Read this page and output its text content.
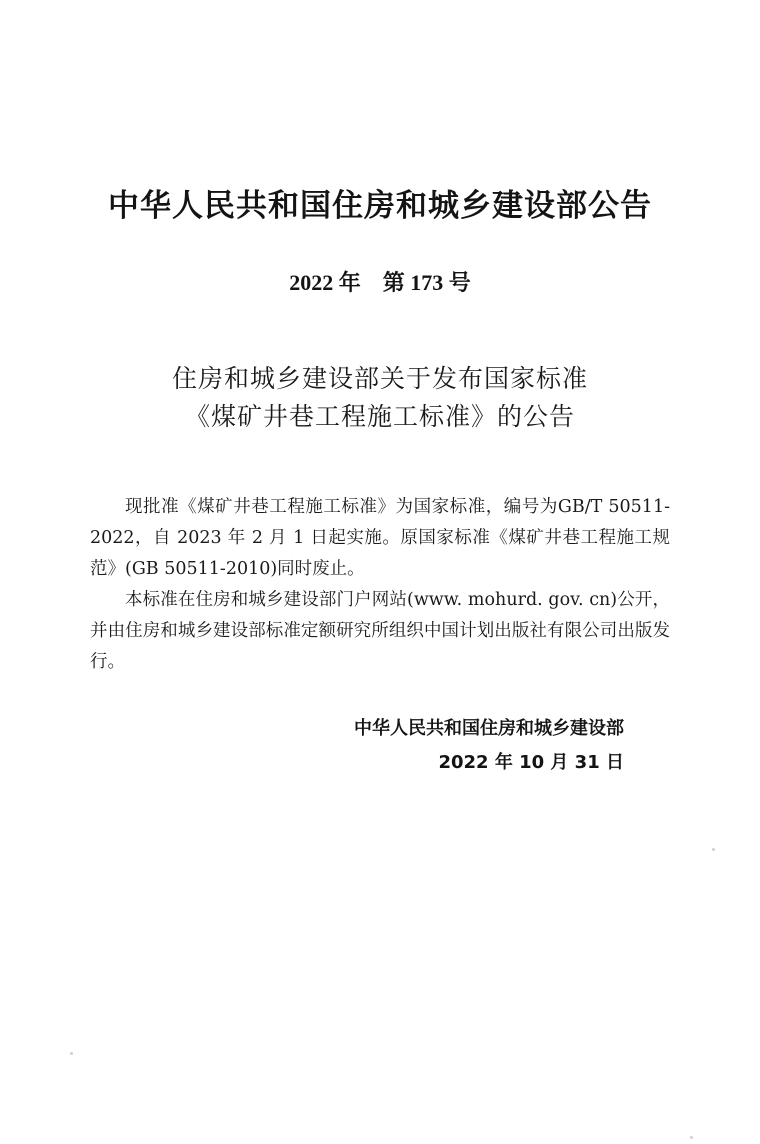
中华人民共和国住房和城乡建设部公告
2022 年　第 173 号
住房和城乡建设部关于发布国家标准
《煤矿井巷工程施工标准》的公告

现批准《煤矿井巷工程施工标准》为国家标准，编号为GB/T 50511-2022，自 2023 年 2 月 1 日起实施。原国家标准《煤矿井巷工程施工规范》(GB 50511-2010)同时废止。

本标准在住房和城乡建设部门户网站(www. mohurd. gov. cn)公开，并由住房和城乡建设部标准定额研究所组织中国计划出版社有限公司出版发行。

中华人民共和国住房和城乡建设部
2022 年 10 月 31 日
